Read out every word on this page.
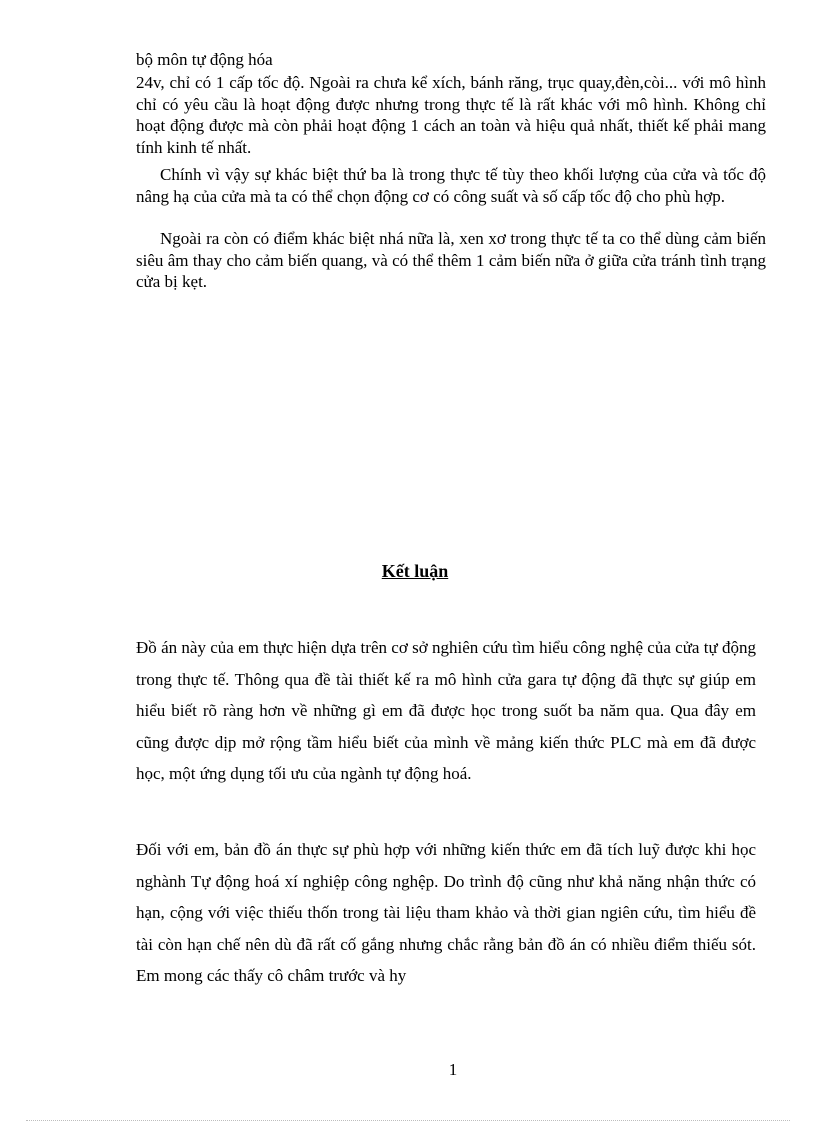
bộ môn tự động hóa

24v, chỉ có 1 cấp tốc độ. Ngoài ra chưa kể xích, bánh răng, trục quay,đèn,còi... với mô hình chỉ có yêu cầu là hoạt động được nhưng trong thực tế là rất khác với mô hình. Không chỉ hoạt động được mà còn phải hoạt động 1 cách an toàn và hiệu quả nhất, thiết kế phải mang tính kinh tế nhất.

Chính vì vậy sự khác biệt thứ ba là trong thực tế tùy theo khối lượng của cửa và tốc độ nâng hạ của cửa mà ta có thể chọn động cơ có công suất và số cấp tốc độ cho phù hợp.

Ngoài ra còn có điểm khác biệt nhá nữa là, xen xơ trong thực tế ta co thể dùng cảm biến siêu âm thay cho cảm biến quang, và có thể thêm 1 cảm biến nữa ở giữa cửa tránh tình trạng cửa bị kẹt.

Kết luận

Đồ án này của em thực hiện dựa trên cơ sở nghiên cứu tìm hiểu công nghệ của cửa tự động trong thực tế. Thông qua đề tài thiết kế ra mô hình cửa gara tự động đã thực sự giúp em hiểu biết rõ ràng hơn về những gì em đã được học trong suốt ba năm qua. Qua đây em cũng được dịp mở rộng tầm hiểu biết của mình về mảng kiến thức PLC mà em đã được học, một ứng dụng tối ưu của ngành tự động hoá.

Đối với em, bản đồ án thực sự phù hợp với những kiến thức em đã tích luỹ được khi học nghành Tự động hoá xí nghiệp công nghệp. Do trình độ cũng như khả năng nhận thức có hạn, cộng với việc thiếu thốn trong tài liệu tham khảo và thời gian ngiên cứu, tìm hiểu đề tài còn hạn chế nên dù đã rất cố gắng nhưng chắc rằng bản đồ án có nhiều điểm thiếu sót. Em mong các thấy cô châm trước và hy

1
